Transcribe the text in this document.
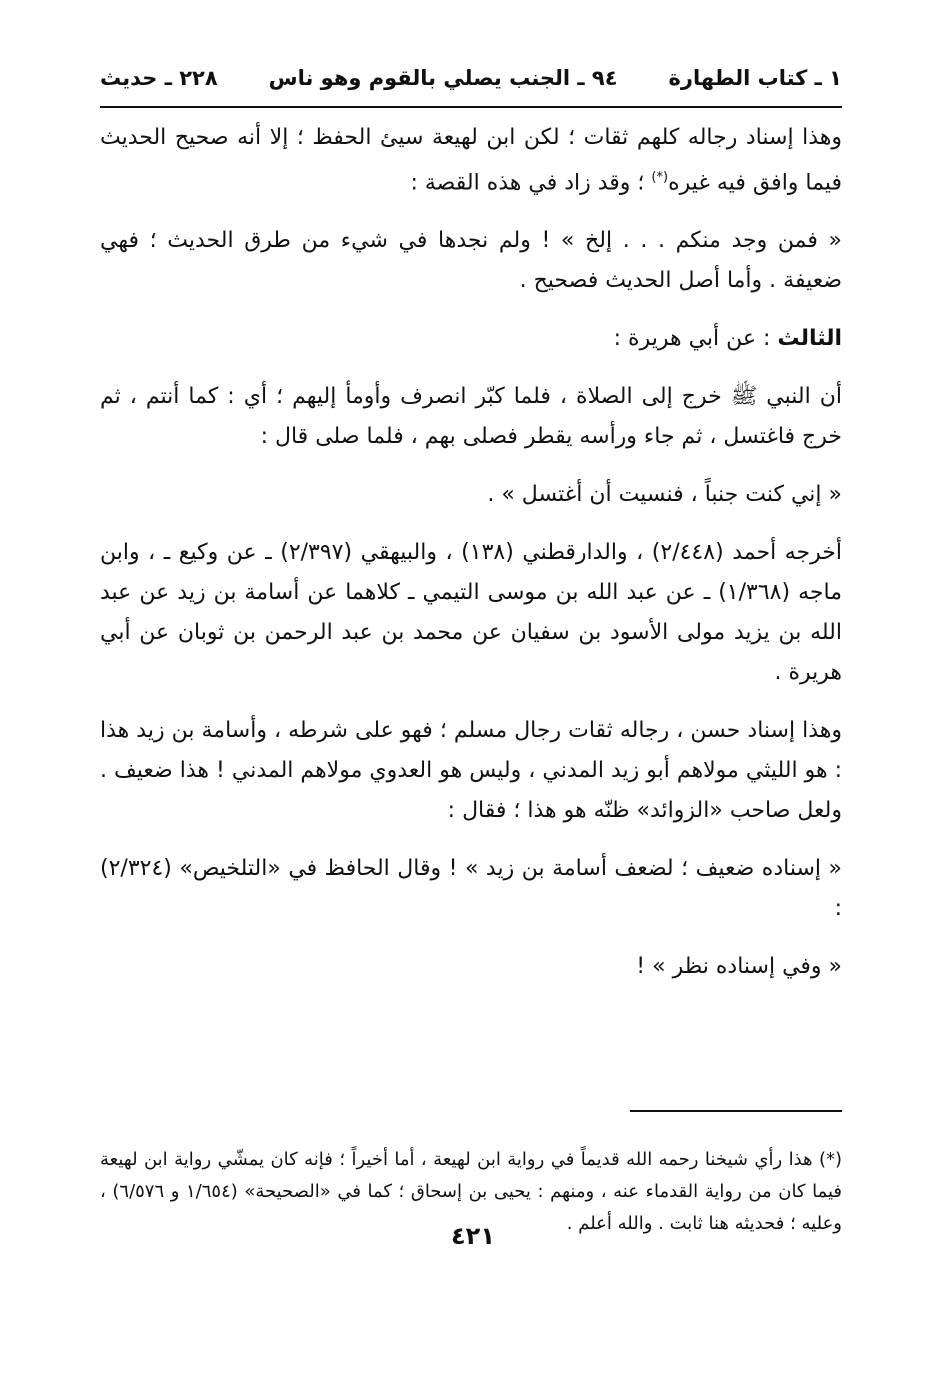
١ ـ كتاب الطهارة
٩٤ ـ الجنب يصلي بالقوم وهو ناس
٢٢٨ ـ حديث

وهذا إسناد رجاله كلهم ثقات ؛ لكن ابن لهيعة سيئ الحفظ ؛ إلا أنه صحيح الحديث فيما وافق فيه غيره(*) ؛ وقد زاد في هذه القصة :

« فمن وجد منكم . . . إلخ » ! ولم نجدها في شيء من طرق الحديث ؛ فهي ضعيفة . وأما أصل الحديث فصحيح .

الثالث : عن أبي هريرة :

أن النبي ﷺ خرج إلى الصلاة ، فلما كبّر انصرف وأومأ إليهم ؛ أي : كما أنتم ، ثم خرج فاغتسل ، ثم جاء ورأسه يقطر فصلى بهم ، فلما صلى قال :

« إني كنت جنباً ، فنسيت أن أغتسل » .

أخرجه أحمد (٢/٤٤٨) ، والدارقطني (١٣٨) ، والبيهقي (٢/٣٩٧) ـ عن وكيع ـ ، وابن ماجه (١/٣٦٨) ـ عن عبد الله بن موسى التيمي ـ كلاهما عن أسامة بن زيد عن عبد الله بن يزيد مولى الأسود بن سفيان عن محمد بن عبد الرحمن بن ثوبان عن أبي هريرة .

وهذا إسناد حسن ، رجاله ثقات رجال مسلم ؛ فهو على شرطه ، وأسامة بن زيد هذا : هو الليثي مولاهم أبو زيد المدني ، وليس هو العدوي مولاهم المدني ! هذا ضعيف . ولعل صاحب «الزوائد» ظنّه هو هذا ؛ فقال :

« إسناده ضعيف ؛ لضعف أسامة بن زيد » ! وقال الحافظ في «التلخيص» (٢/٣٢٤) :

« وفي إسناده نظر » !

(*) هذا رأي شيخنا رحمه الله قديماً في رواية ابن لهيعة ، أما أخيراً ؛ فإنه كان يمشّي رواية ابن لهيعة فيما كان من رواية القدماء عنه ، ومنهم : يحيى بن إسحاق ؛ كما في «الصحيحة» (١/٦٥٤ و ٦/٥٧٦) ، وعليه ؛ فحديثه هنا ثابت . والله أعلم .

٤٢١
